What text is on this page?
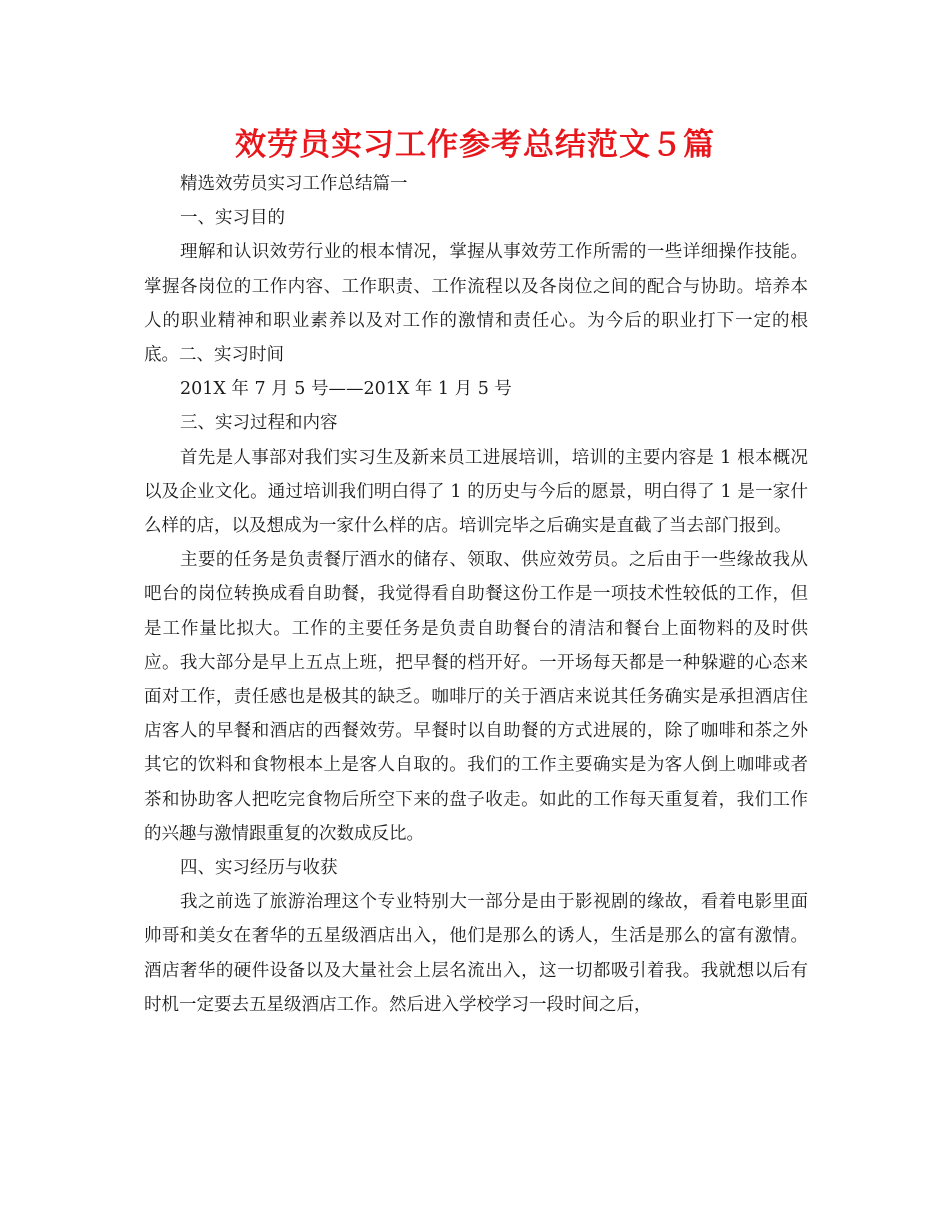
效劳员实习工作参考总结范文５篇

精选效劳员实习工作总结篇一

一、实习目的

理解和认识效劳行业的根本情况，掌握从事效劳工作所需的一些详细操作技能。掌握各岗位的工作内容、工作职责、工作流程以及各岗位之间的配合与协助。培养本人的职业精神和职业素养以及对工作的激情和责任心。为今后的职业打下一定的根底。二、实习时间

201X 年 7 月 5 号——201X 年 1 月 5 号

三、实习过程和内容

首先是人事部对我们实习生及新来员工进展培训，培训的主要内容是 1 根本概况以及企业文化。通过培训我们明白得了 1 的历史与今后的愿景，明白得了 1 是一家什么样的店，以及想成为一家什么样的店。培训完毕之后确实是直截了当去部门报到。

主要的任务是负责餐厅酒水的储存、领取、供应效劳员。之后由于一些缘故我从吧台的岗位转换成看自助餐，我觉得看自助餐这份工作是一项技术性较低的工作，但是工作量比拟大。工作的主要任务是负责自助餐台的清洁和餐台上面物料的及时供应。我大部分是早上五点上班，把早餐的档开好。一开场每天都是一种躲避的心态来面对工作，责任感也是极其的缺乏。咖啡厅的关于酒店来说其任务确实是承担酒店住店客人的早餐和酒店的西餐效劳。早餐时以自助餐的方式进展的，除了咖啡和茶之外其它的饮料和食物根本上是客人自取的。我们的工作主要确实是为客人倒上咖啡或者茶和协助客人把吃完食物后所空下来的盘子收走。如此的工作每天重复着，我们工作的兴趣与激情跟重复的次数成反比。

四、实习经历与收获

我之前选了旅游治理这个专业特别大一部分是由于影视剧的缘故，看着电影里面帅哥和美女在奢华的五星级酒店出入，他们是那么的诱人，生活是那么的富有激情。酒店奢华的硬件设备以及大量社会上层名流出入，这一切都吸引着我。我就想以后有时机一定要去五星级酒店工作。然后进入学校学习一段时间之后，
